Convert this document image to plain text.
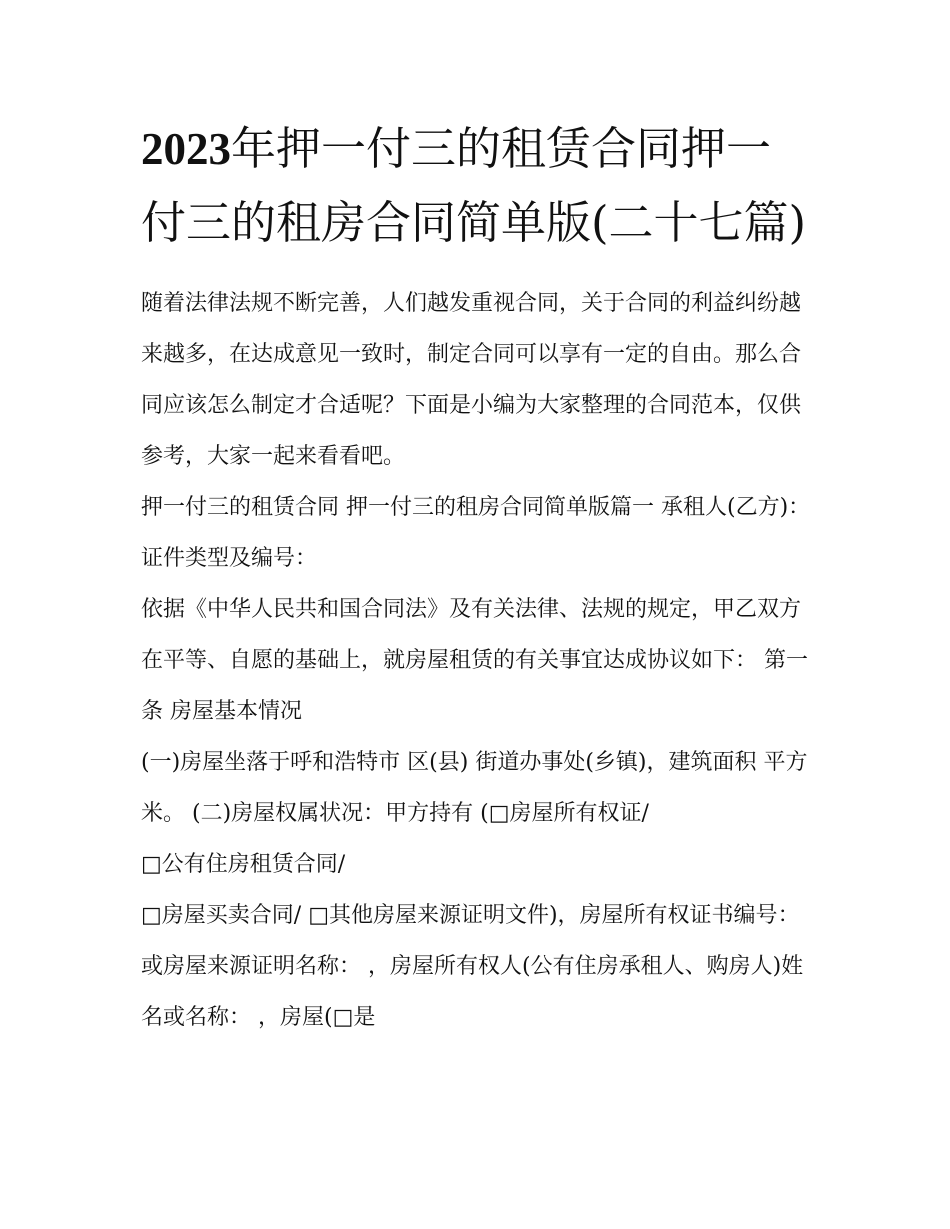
2023年押一付三的租赁合同押一付三的租房合同简单版(二十七篇)

随着法律法规不断完善，人们越发重视合同，关于合同的利益纠纷越来越多，在达成意见一致时，制定合同可以享有一定的自由。那么合同应该怎么制定才合适呢？下面是小编为大家整理的合同范本，仅供参考，大家一起来看看吧。

押一付三的租赁合同 押一付三的租房合同简单版篇一 承租人(乙方)： 证件类型及编号：

依据《中华人民共和国合同法》及有关法律、法规的规定，甲乙双方在平等、自愿的基础上，就房屋租赁的有关事宜达成协议如下： 第一条 房屋基本情况

(一)房屋坐落于呼和浩特市 区(县) 街道办事处(乡镇)，建筑面积 平方米。 (二)房屋权属状况：甲方持有 (□房屋所有权证/

□公有住房租赁合同/

□房屋买卖合同/ □其他房屋来源证明文件)，房屋所有权证书编号： 或房屋来源证明名称： ，房屋所有权人(公有住房承租人、购房人)姓名或名称： ，房屋(□是
